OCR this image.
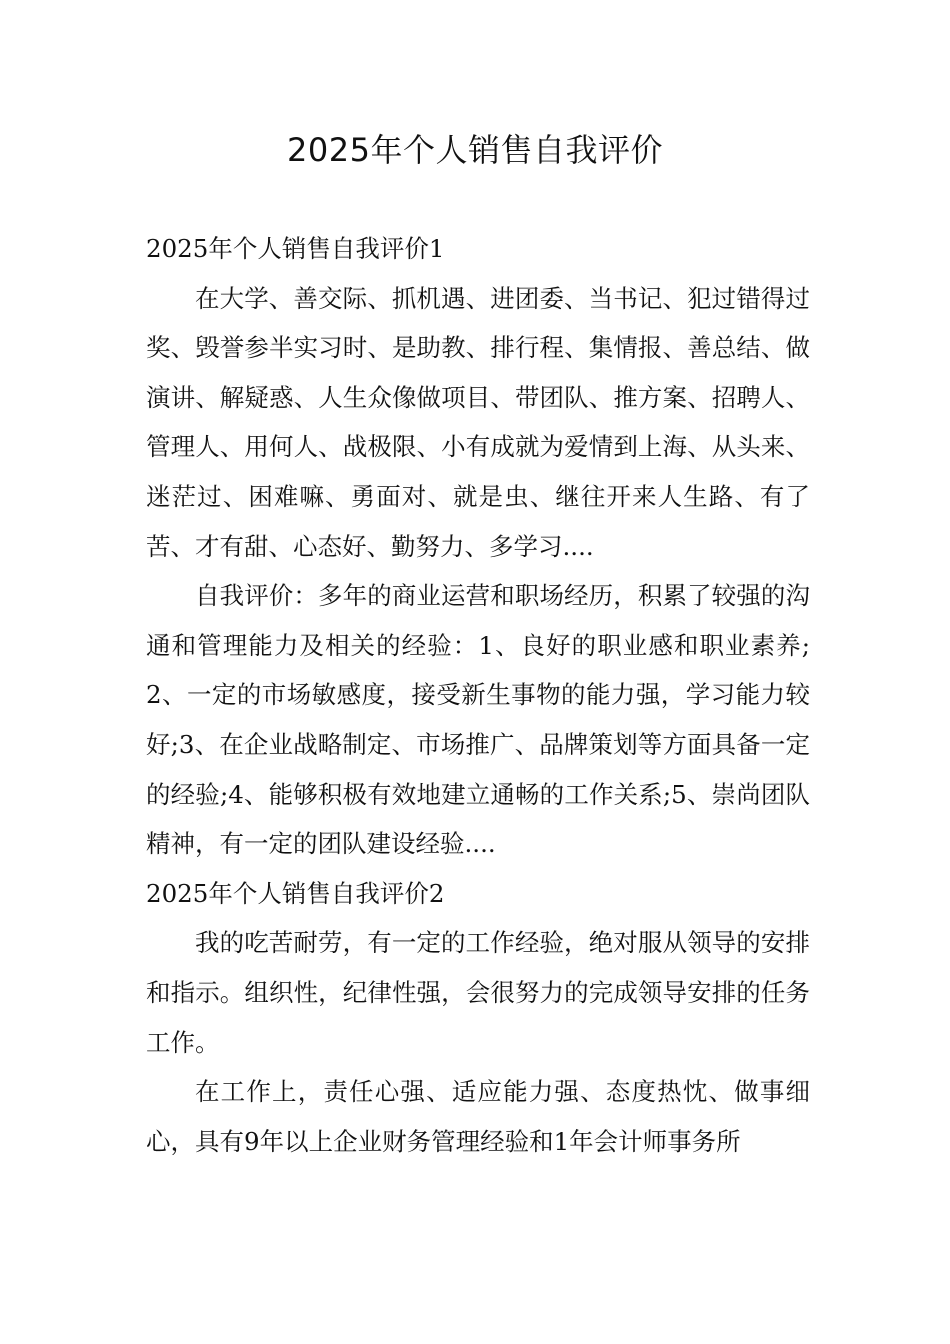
2025年个人销售自我评价

2025年个人销售自我评价1

在大学、善交际、抓机遇、进团委、当书记、犯过错得过奖、毁誉参半实习时、是助教、排行程、集情报、善总结、做演讲、解疑惑、人生众像做项目、带团队、推方案、招聘人、管理人、用何人、战极限、小有成就为爱情到上海、从头来、迷茫过、困难嘛、勇面对、就是虫、继往开来人生路、有了苦、才有甜、心态好、勤努力、多学习....

自我评价：多年的商业运营和职场经历，积累了较强的沟通和管理能力及相关的经验：1、良好的职业感和职业素养;2、一定的市场敏感度，接受新生事物的能力强，学习能力较好;3、在企业战略制定、市场推广、品牌策划等方面具备一定的经验;4、能够积极有效地建立通畅的工作关系;5、崇尚团队精神，有一定的团队建设经验....

2025年个人销售自我评价2

我的吃苦耐劳，有一定的工作经验，绝对服从领导的安排和指示。组织性，纪律性强，会很努力的完成领导安排的任务工作。

在工作上，责任心强、适应能力强、态度热忱、做事细心，具有9年以上企业财务管理经验和1年会计师事务所
